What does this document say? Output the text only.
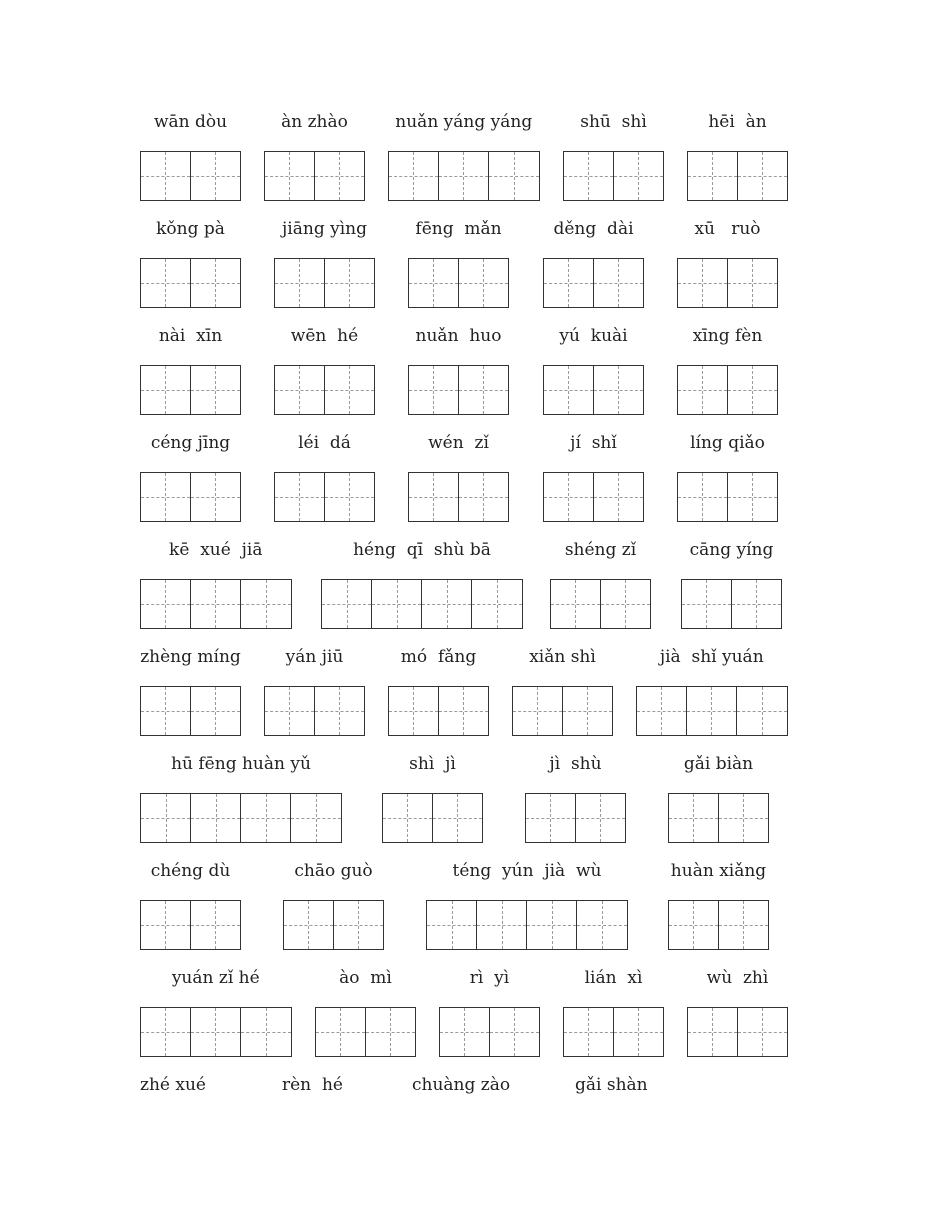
wān dòu	àn zhào	nuǎn yáng yáng	shū  shì	hēi  àn
kǒng pà	jiāng yìng	fēng  mǎn	děng  dài	xū   ruò
nài  xīn	wēn  hé	nuǎn  huo	yú  kuài	xīng fèn
céng jīng	léi  dá	wén  zǐ	jí  shǐ	líng qiǎo
kē  xué  jiā	héng  qī  shù bā	shéng zǐ	cāng yíng
zhèng míng	yán jiū	mó  fǎng	xiǎn shì	jià  shǐ yuán
hū fēng huàn yǔ	shì  jì	jì  shù	gǎi biàn
chéng dù	chāo guò	téng  yún  jià  wù	huàn xiǎng
yuán zǐ hé	ào  mì	rì  yì	lián  xì	wù  zhì
zhé xué	rèn  hé	chuàng zào	gǎi shàn
